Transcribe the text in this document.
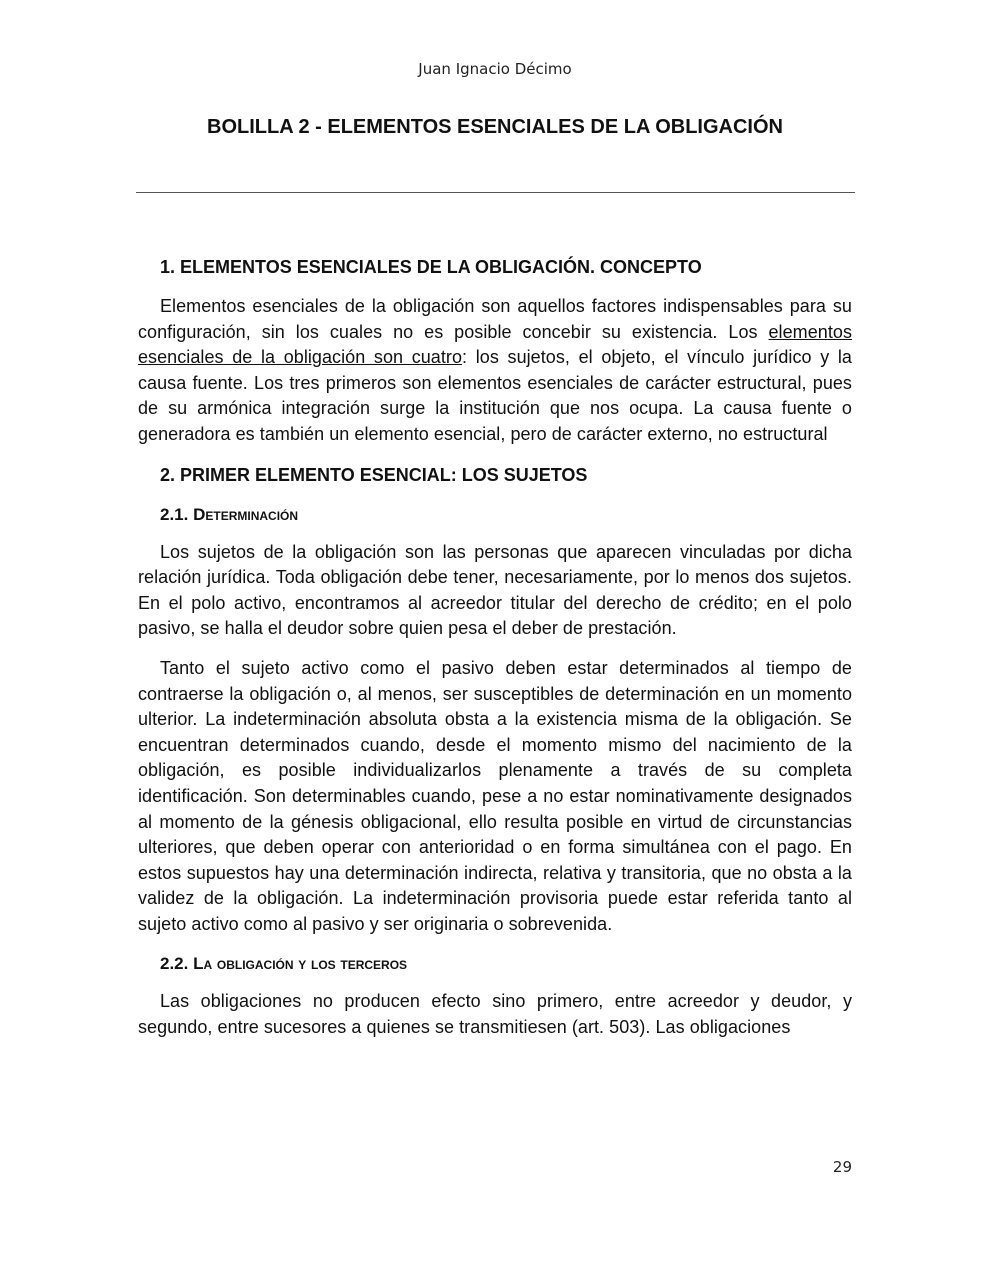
Juan Ignacio Décimo
BOLILLA 2 - ELEMENTOS ESENCIALES DE LA OBLIGACIÓN
1. ELEMENTOS ESENCIALES DE LA OBLIGACIÓN. CONCEPTO

Elementos esenciales de la obligación son aquellos factores indispensables para su configuración, sin los cuales no es posible concebir su existencia. Los elementos esenciales de la obligación son cuatro: los sujetos, el objeto, el vínculo jurídico y la causa fuente. Los tres primeros son elementos esenciales de carácter estructural, pues de su armónica integración surge la institución que nos ocupa. La causa fuente o generadora es también un elemento esencial, pero de carácter externo, no estructural

2. PRIMER ELEMENTO ESENCIAL: LOS SUJETOS
2.1. Determinación

Los sujetos de la obligación son las personas que aparecen vinculadas por dicha relación jurídica. Toda obligación debe tener, necesariamente, por lo menos dos sujetos. En el polo activo, encontramos al acreedor titular del derecho de crédito; en el polo pasivo, se halla el deudor sobre quien pesa el deber de prestación.

Tanto el sujeto activo como el pasivo deben estar determinados al tiempo de contraerse la obligación o, al menos, ser susceptibles de determinación en un momento ulterior. La indeterminación absoluta obsta a la existencia misma de la obligación. Se encuentran determinados cuando, desde el momento mismo del nacimiento de la obligación, es posible individualizarlos plenamente a través de su completa identificación. Son determinables cuando, pese a no estar nominativamente designados al momento de la génesis obligacional, ello resulta posible en virtud de circunstancias ulteriores, que deben operar con anterioridad o en forma simultánea con el pago. En estos supuestos hay una determinación indirecta, relativa y transitoria, que no obsta a la validez de la obligación. La indeterminación provisoria puede estar referida tanto al sujeto activo como al pasivo y ser originaria o sobrevenida.

2.2. La obligación y los terceros

Las obligaciones no producen efecto sino primero, entre acreedor y deudor, y segundo, entre sucesores a quienes se transmitiesen (art. 503). Las obligaciones

29
